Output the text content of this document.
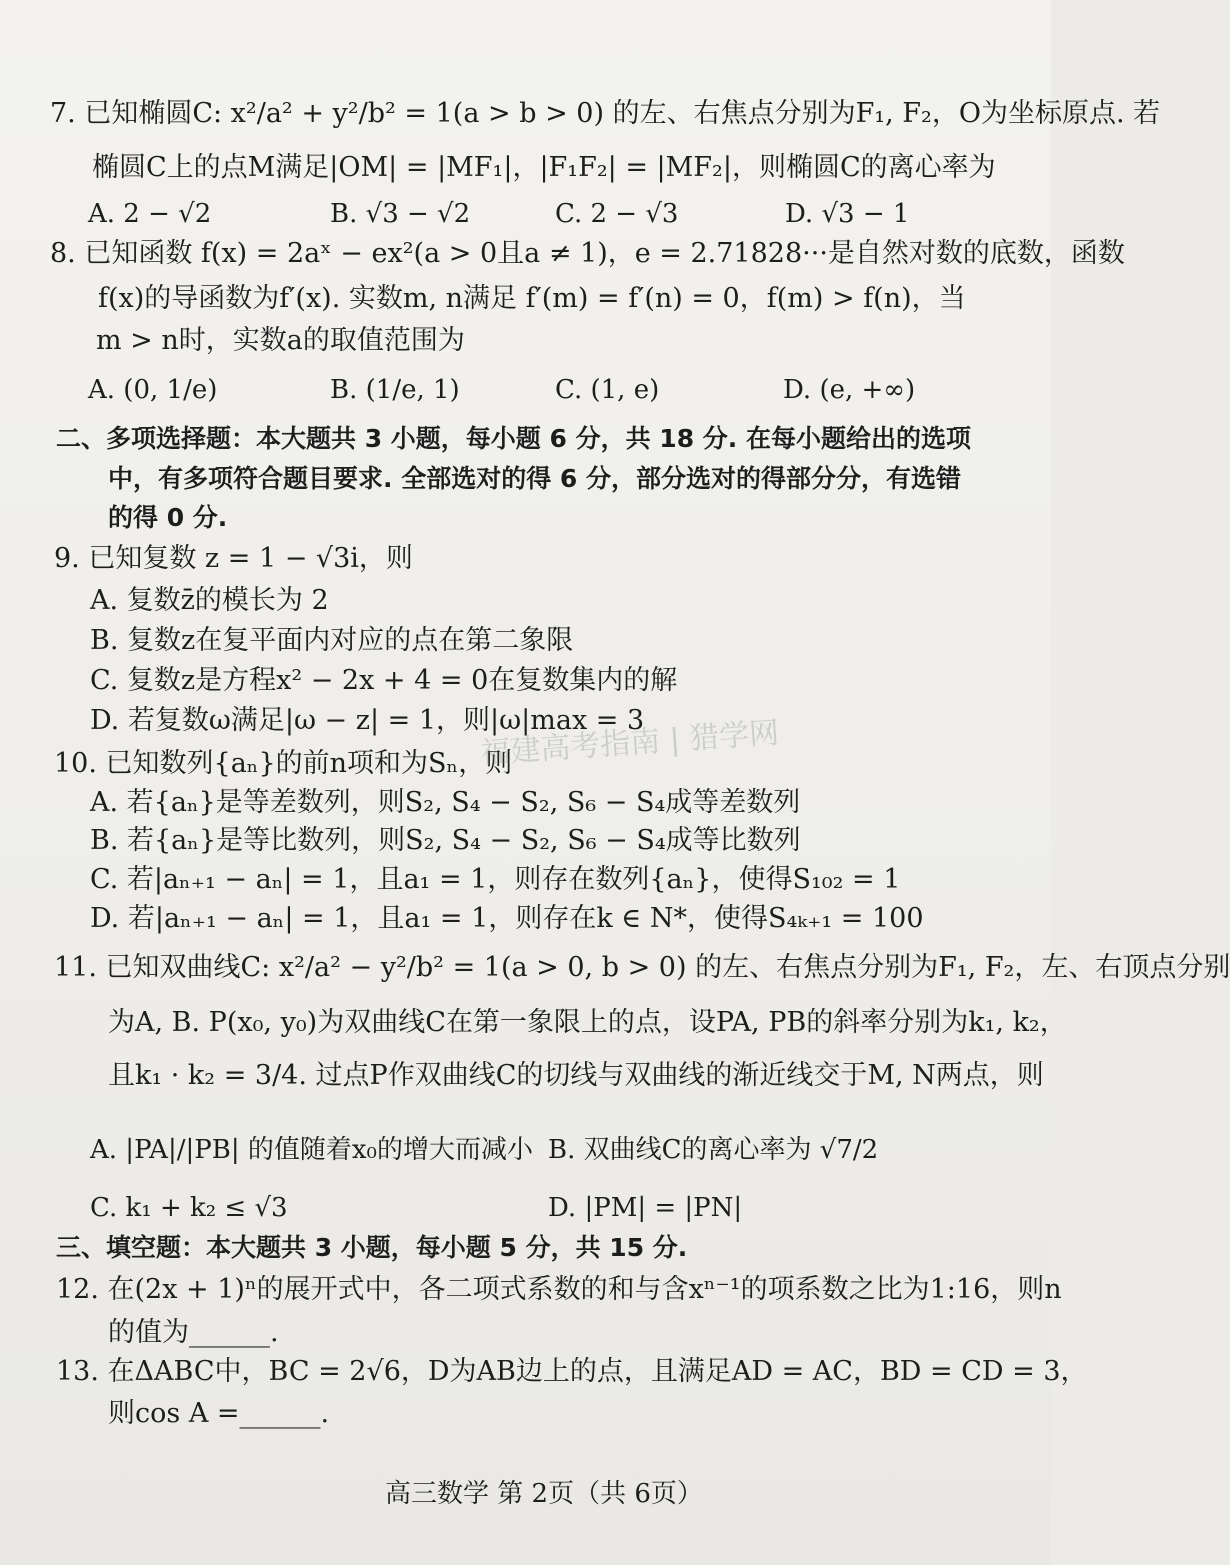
7. 已知椭圆C: x²/a² + y²/b² = 1(a > b > 0) 的左、右焦点分别为F₁, F₂，O为坐标原点. 若
椭圆C上的点M满足|OM| = |MF₁|，|F₁F₂| = |MF₂|，则椭圆C的离心率为
A. 2 − √2	B. √3 − √2	C. 2 − √3	D. √3 − 1
8. 已知函数 f(x) = 2aˣ − ex²(a > 0且a ≠ 1)，e = 2.71828···是自然对数的底数，函数
f(x)的导函数为f′(x). 实数m, n满足 f′(m) = f′(n) = 0，f(m) > f(n)，当
m > n时，实数a的取值范围为
A. (0, 1/e)	B. (1/e, 1)	C. (1, e)	D. (e, +∞)
二、多项选择题：本大题共 3 小题，每小题 6 分，共 18 分. 在每小题给出的选项
中，有多项符合题目要求. 全部选对的得 6 分，部分选对的得部分分，有选错
的得 0 分.
9. 已知复数 z = 1 − √3i，则
A. 复数z̄的模长为 2
B. 复数z在复平面内对应的点在第二象限
C. 复数z是方程x² − 2x + 4 = 0在复数集内的解
D. 若复数ω满足|ω − z| = 1，则|ω|max = 3
10. 已知数列{aₙ}的前n项和为Sₙ，则
A. 若{aₙ}是等差数列，则S₂, S₄ − S₂, S₆ − S₄成等差数列
B. 若{aₙ}是等比数列，则S₂, S₄ − S₂, S₆ − S₄成等比数列
C. 若|aₙ₊₁ − aₙ| = 1，且a₁ = 1，则存在数列{aₙ}，使得S₁₀₂ = 1
D. 若|aₙ₊₁ − aₙ| = 1，且a₁ = 1，则存在k ∈ N*，使得S₄ₖ₊₁ = 100
11. 已知双曲线C: x²/a² − y²/b² = 1(a > 0, b > 0) 的左、右焦点分别为F₁, F₂，左、右顶点分别
为A, B. P(x₀, y₀)为双曲线C在第一象限上的点，设PA, PB的斜率分别为k₁, k₂，
且k₁ · k₂ = 3/4. 过点P作双曲线C的切线与双曲线的渐近线交于M, N两点，则
A. |PA|/|PB| 的值随着x₀的增大而减小 B. 双曲线C的离心率为 √7/2
C. k₁ + k₂ ≤ √3	D. |PM| = |PN|
三、填空题：本大题共 3 小题，每小题 5 分，共 15 分.
12. 在(2x + 1)ⁿ的展开式中，各二项式系数的和与含xⁿ⁻¹的项系数之比为1:16，则n
的值为______.
13. 在ΔABC中，BC = 2√6，D为AB边上的点，且满足AD = AC，BD = CD = 3，
则cos A =______.
福建高考指南 | 猎学网
高三数学 第 2页（共 6页）
